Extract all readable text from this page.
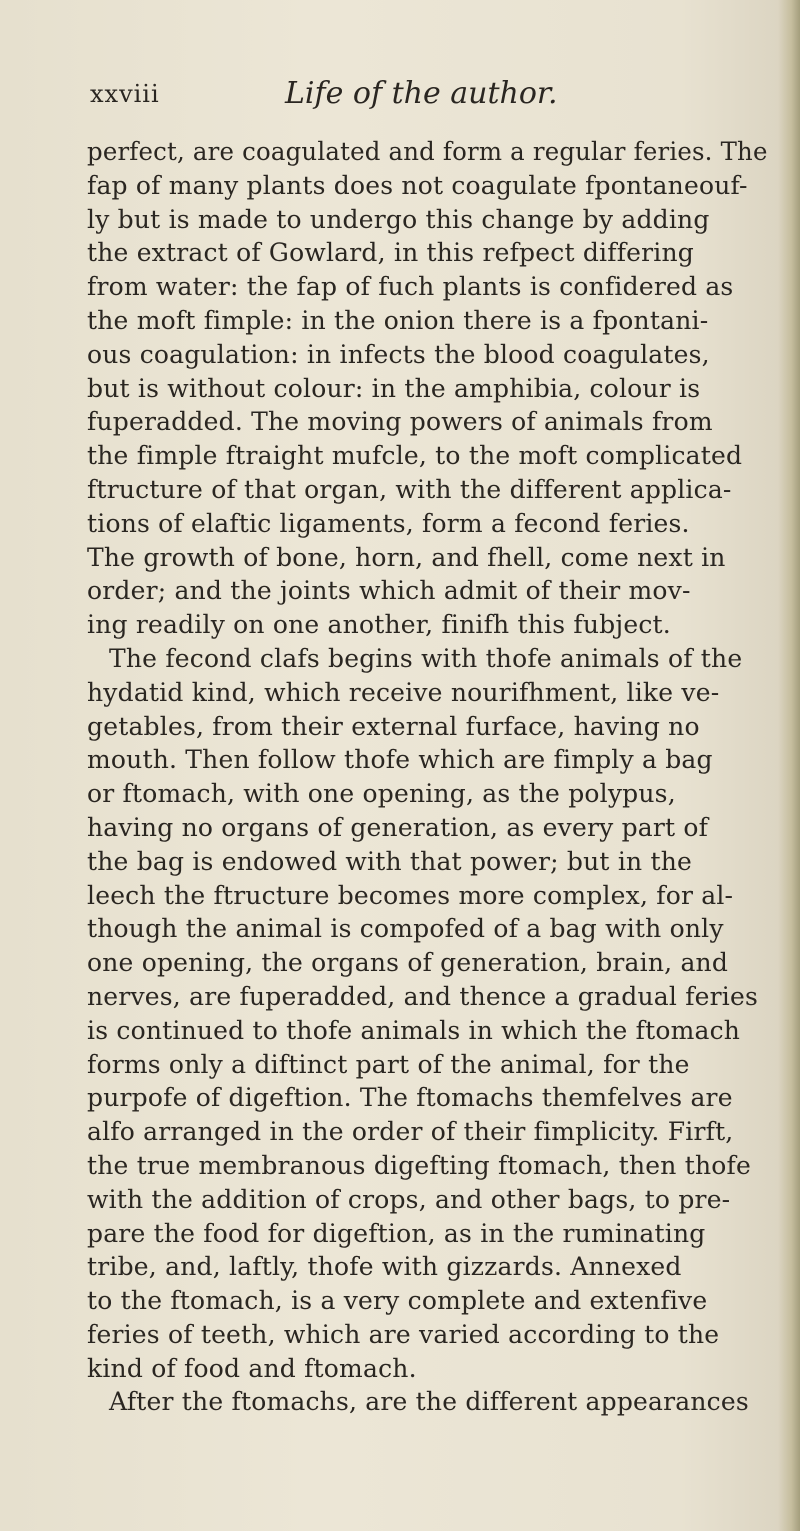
xxviii	Life of the author.
perfect, are coagulated and form a regular feries. The
fap of many plants does not coagulate fpontaneouf-
ly but is made to undergo this change by adding
the extract of Gowlard, in this refpect differing
from water: the fap of fuch plants is confidered as
the moft fimple: in the onion there is a fpontani-
ous coagulation: in infects the blood coagulates,
but is without colour: in the amphibia, colour is
fuperadded. The moving powers of animals from
the fimple ftraight mufcle, to the moft complicated
ftructure of that organ, with the different applica-
tions of elaftic ligaments, form a fecond feries.
The growth of bone, horn, and fhell, come next in
order; and the joints which admit of their mov-
ing readily on one another, finifh this fubject.
The fecond clafs begins with thofe animals of the
hydatid kind, which receive nourifhment, like ve-
getables, from their external furface, having no
mouth. Then follow thofe which are fimply a bag
or ftomach, with one opening, as the polypus,
having no organs of generation, as every part of
the bag is endowed with that power; but in the
leech the ftructure becomes more complex, for al-
though the animal is compofed of a bag with only
one opening, the organs of generation, brain, and
nerves, are fuperadded, and thence a gradual feries
is continued to thofe animals in which the ftomach
forms only a diftinct part of the animal, for the
purpofe of digeftion. The ftomachs themfelves are
alfo arranged in the order of their fimplicity. Firft,
the true membranous digefting ftomach, then thofe
with the addition of crops, and other bags, to pre-
pare the food for digeftion, as in the ruminating
tribe, and, laftly, thofe with gizzards. Annexed
to the ftomach, is a very complete and extenfive
feries of teeth, which are varied according to the
kind of food and ftomach.
After the ftomachs, are the different appearances
